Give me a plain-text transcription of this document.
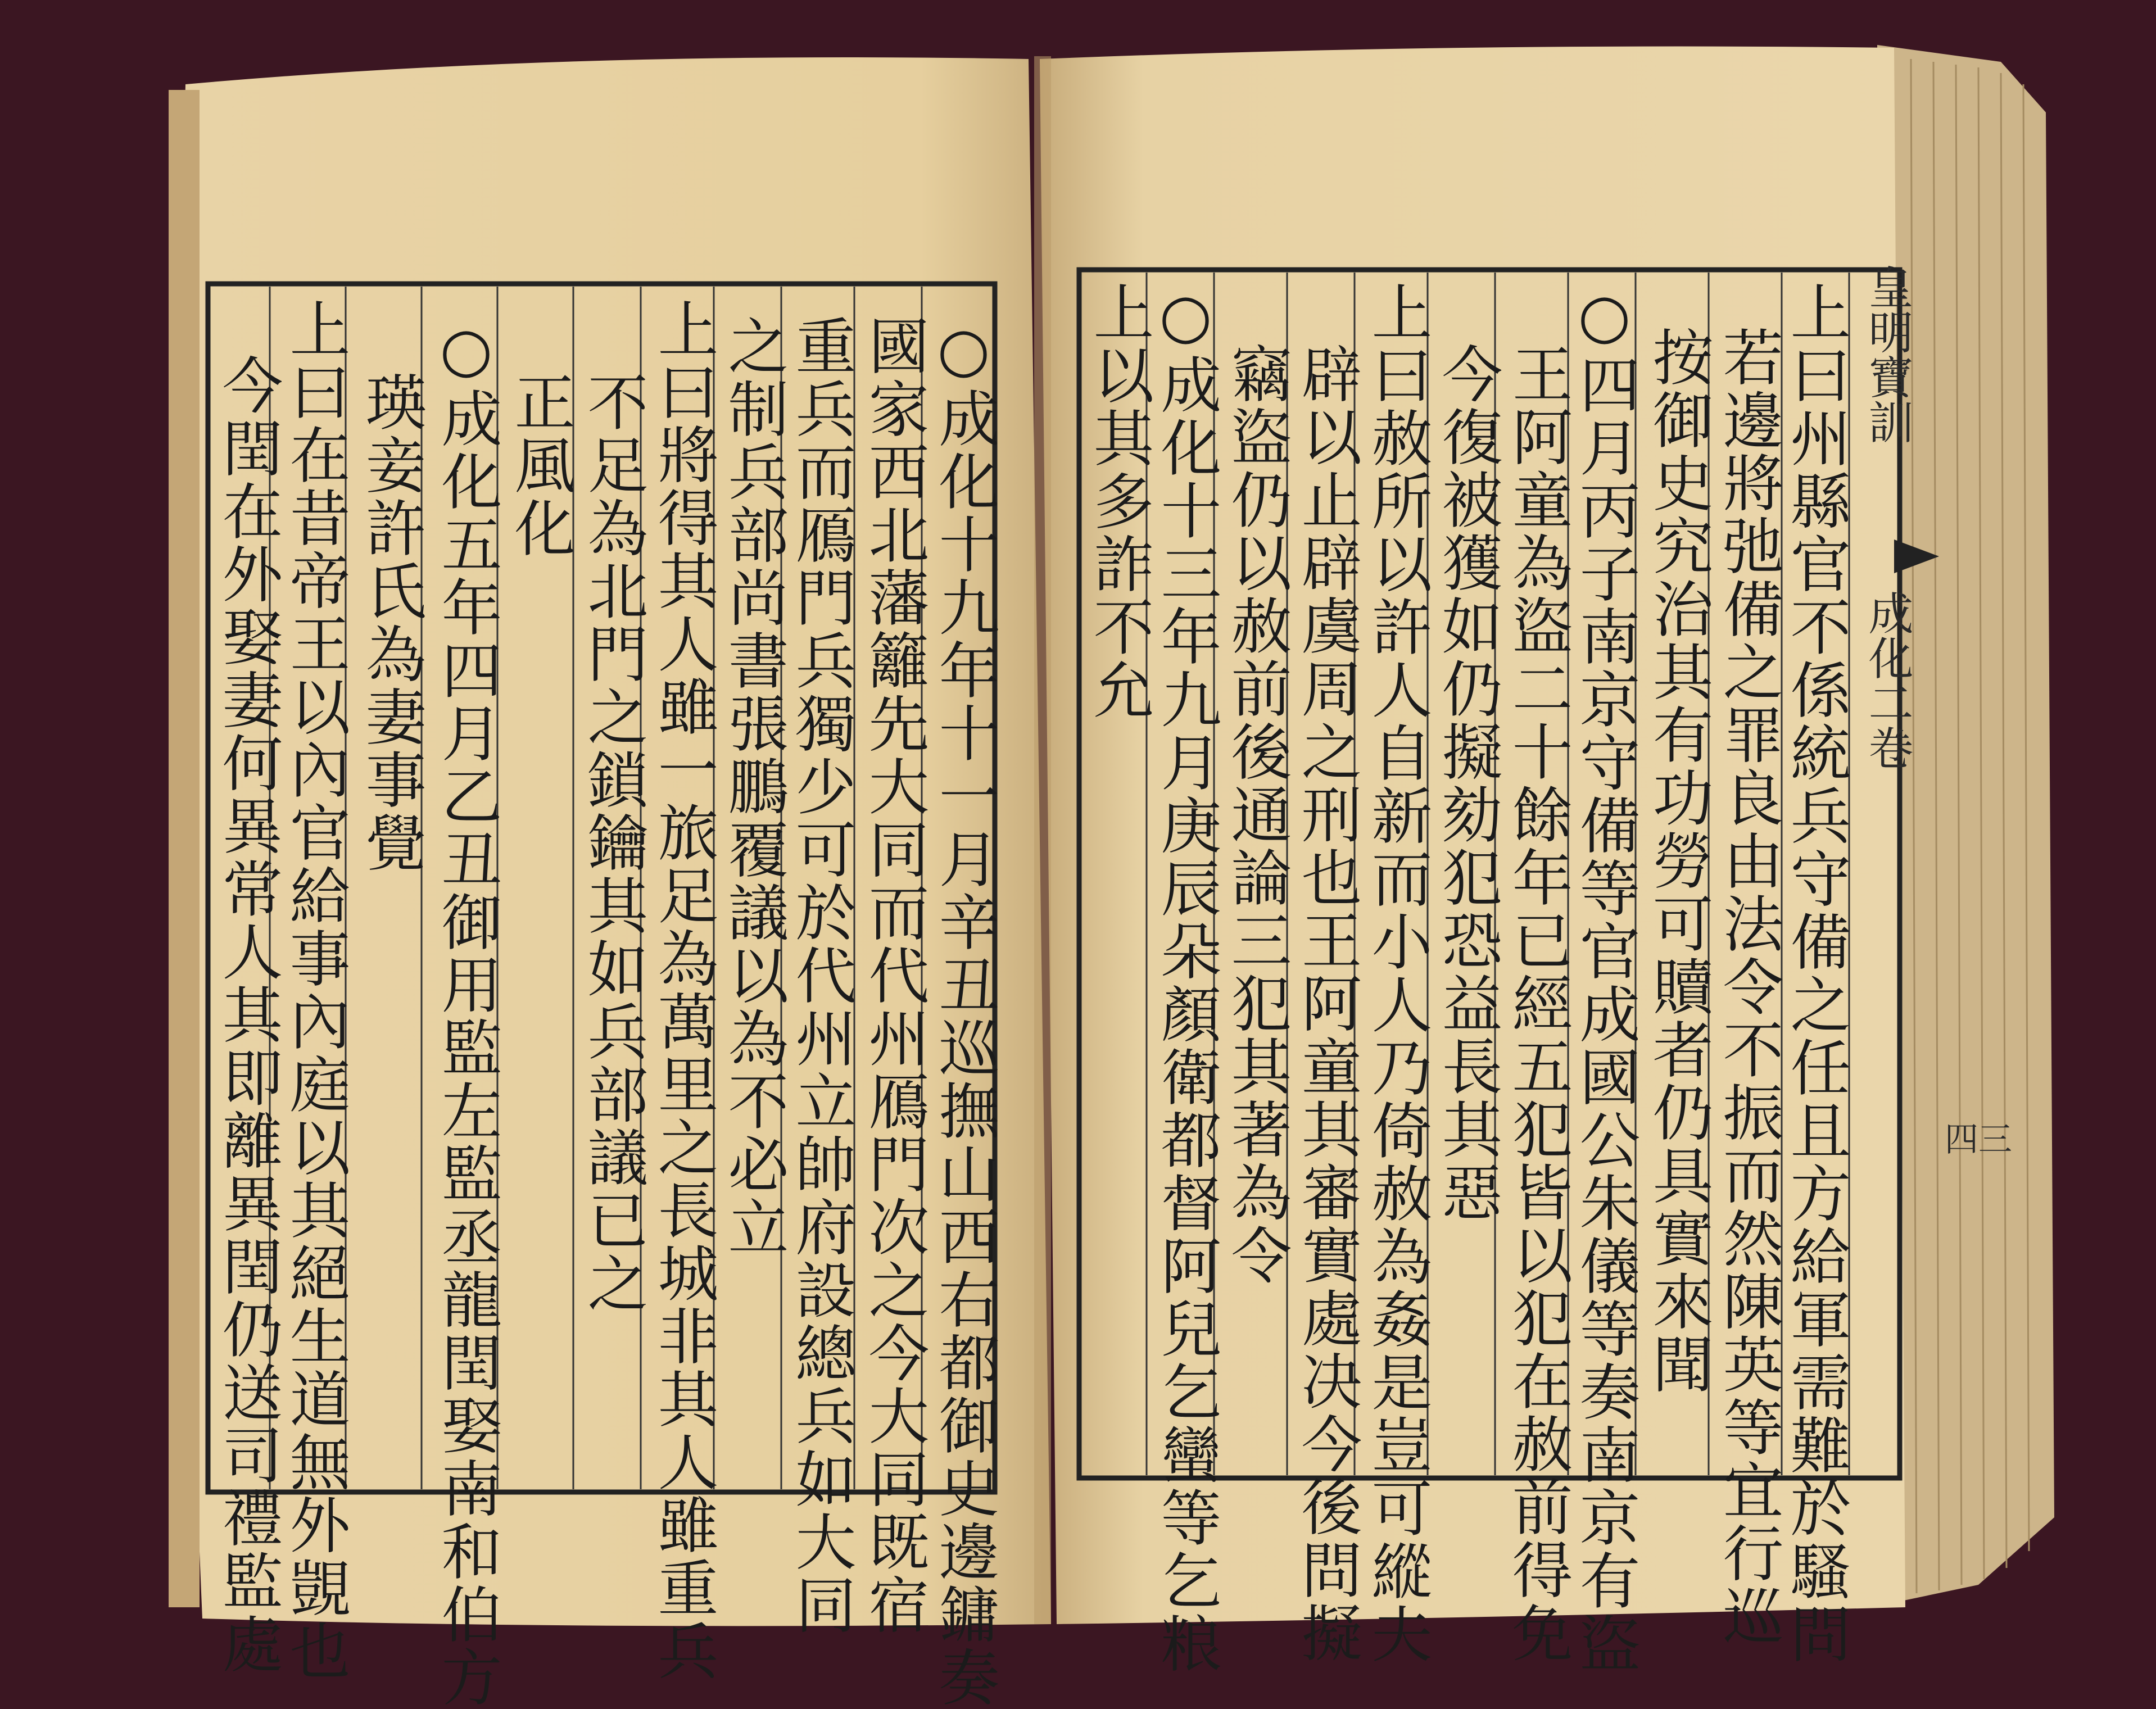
○成化十九年十一月辛丑巡撫山西右都御史邊鏞奏
國家西北藩籬先大同而代州鴈門次之今大同既宿
重兵而鴈門兵獨少可於代州立帥府設總兵如大同
之制兵部尚書張鵬覆議以為不必立
上曰將得其人雖一旅足為萬里之長城非其人雖重兵
不足為北門之鎖鑰其如兵部議已之
正風化
○成化五年四月乙丑御用監左監丞龍閏娶南和伯方
瑛妾許氏為妻事覺
上曰在昔帝王以內官給事內庭以其絕生道無外覬也
今閏在外娶妻何異常人其即離異閏仍送司禮監處	上曰州縣官不係統兵守備之任且方給軍需難於騷問
若邊將弛備之罪良由法令不振而然陳英等宜行巡
按御史究治其有功勞可贖者仍具實來聞
○四月丙子南京守備等官成國公朱儀等奏南京有盜
王阿童為盜二十餘年已經五犯皆以犯在赦前得免
今復被獲如仍擬劾犯恐益長其惡
上曰赦所以許人自新而小人乃倚赦為姦是豈可縱夫
辟以止辟虞周之刑也王阿童其審實處决今後問擬
竊盜仍以赦前後通論三犯其著為令
○成化十三年九月庚辰朵顏衛都督阿兒乞蠻等乞粮
上以其多詐不允	皇明寶訓
成化二卷
四三
